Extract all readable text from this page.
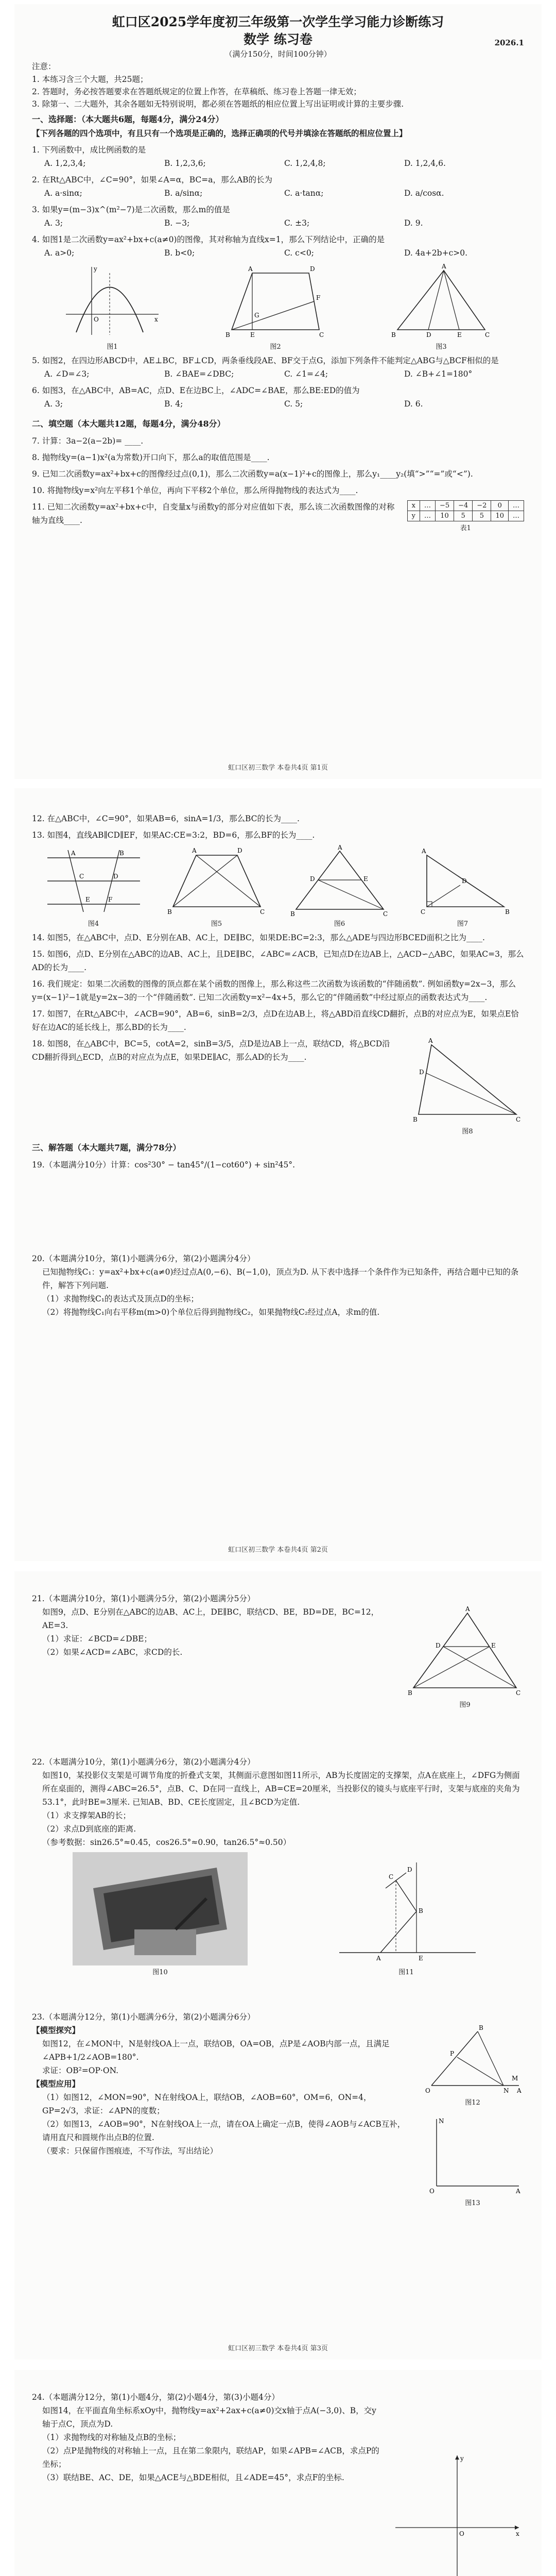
虹口区2025学年度初三年级第一次学生学习能力诊断练习
数学 练习卷	2026.1
（满分150分，时间100分钟）

注意：

1. 本练习含三个大题，共25题；

2. 答题时，务必按答题要求在答题纸规定的位置上作答，在草稿纸、练习卷上答题一律无效；

3. 除第一、二大题外，其余各题如无特别说明，都必须在答题纸的相应位置上写出证明或计算的主要步骤.

一、选择题：（本大题共6题，每题4分，满分24分）

【下列各题的四个选项中，有且只有一个选项是正确的，选择正确项的代号并填涂在答题纸的相应位置上】

1. 下列函数中，成比例函数的是

A. 1,2,3,4;	B. 1,2,3,6;	C. 1,2,4,8;	D. 1,2,4,6.

2. 在Rt△ABC中，∠C=90°，如果∠A=α，BC=a，那么AB的长为

A. a·sinα;	B. a/sinα;	C. a·tanα;	D. a/cosα.

3. 如果y=(m−3)x^(m²−7)是二次函数，那么m的值是

A. 3;	B. −3;	C. ±3;	D. 9.

4. 如图1是二次函数y=ax²+bx+c(a≠0)的图像，其对称轴为直线x=1，那么下列结论中，正确的是

A. a>0;	B. b<0;	C. c<0;	D. 4a+2b+c>0.
O	x
y
图1
A	D
B	C
E
F
G
图2
A
B	D	E	C
图3

5. 如图2，在四边形ABCD中，AE⊥BC，BF⊥CD，两条垂线段AE、BF交于点G，添加下列条件不能判定△ABG与△BCF相似的是

A. ∠D=∠3;	B. ∠BAE=∠DBC;	C. ∠1=∠4;	D. ∠B+∠1=180°

6. 如图3，在△ABC中，AB=AC，点D、E在边BC上，∠ADC=∠BAE，那么BE:ED的值为

A. 3;	B. 4;	C. 5;	D. 6.

二、填空题（本大题共12题，每题4分，满分48分）

7. 计算：3a−2(a−2b)= ____.

8. 抛物线y=(a−1)x²(a为常数)开口向下，那么a的取值范围是____.

9. 已知二次函数y=ax²+bx+c的图像经过点(0,1)，那么二次函数y=a(x−1)²+c的图像上，那么y₁____y₂(填“>”“=”或“<”).

10. 将抛物线y=x²向左平移1个单位，再向下平移2个单位，那么所得抛物线的表达式为____.

11. 已知二次函数y=ax²+bx+c中，自变量x与函数y的部分对应值如下表，那么该二次函数图像的对称轴为直线____.

x	…	−5	−4	−2	0	…
y	…	10	5	5	10	…
表1
虹口区初三数学 本卷共4页 第1页

12. 在△ABC中，∠C=90°，如果AB=6，sinA=1/3，那么BC的长为____.

13. 如图4，直线AB∥CD∥EF，如果AC:CE=3:2，BD=6，那么BF的长为____.

A	B
C	D
E	F
图4
A	D
B	C
图5
A
D	E
B	C
图6
A
C	B
D
图7

14. 如图5，在△ABC中，点D、E分别在AB、AC上，DE∥BC，如果DE:BC=2:3，那么△ADE与四边形BCED面积之比为____.

15. 如图6，点D、E分别在△ABC的边AB、AC上，且DE∥BC，∠ABC=∠ACB，已知点D在边AB上，△ACD∽△ABC，如果AC=3，那么AD的长为____.

16. 我们规定：如果二次函数的图像的顶点都在某个函数的图像上，那么称这些二次函数为该函数的“伴随函数”. 例如函数y=2x−3，那么y=(x−1)²−1就是y=2x−3的一个“伴随函数”. 已知二次函数y=x²−4x+5，那么它的“伴随函数”中经过原点的函数表达式为____.

17. 如图7，在Rt△ABC中，∠ACB=90°，AB=6，sinB=2/3，点D在边AB上，将△ABD沿直线CD翻折，点B的对应点为E，如果点E恰好在边AC的延长线上，那么BD的长为____.

18. 如图8，在△ABC中，BC=5，cotA=2，sinB=3/5，点D是边AB上一点，联结CD，将△BCD沿CD翻折得到△ECD，点B的对应点为点E，如果DE∥AC，那么AD的长为____.

A
B	C
D
图8

三、解答题（本大题共7题，满分78分）

19.（本题满分10分）计算：cos²30° − tan45°/(1−cot60°) + sin²45°.

20.（本题满分10分，第(1)小题满分6分，第(2)小题满分4分）

已知抛物线C₁：y=ax²+bx+c(a≠0)经过点A(0,−6)、B(−1,0)，顶点为D. 从下表中选择一个条件作为已知条件，再结合题中已知的条件，解答下列问题.

（1）求抛物线C₁的表达式及顶点D的坐标；

（2）将抛物线C₁向右平移m(m>0)个单位后得到抛物线C₂，如果抛物线C₂经过点A，求m的值.

虹口区初三数学 本卷共4页 第2页

21.（本题满分10分，第(1)小题满分5分，第(2)小题满分5分）

如图9，点D、E分别在△ABC的边AB、AC上，DE∥BC，联结CD、BE，BD=DE，BC=12，AE=3.

（1）求证：∠BCD=∠DBE；

（2）如果∠ACD=∠ABC，求CD的长.

A
D	E
B	C
图9

22.（本题满分10分，第(1)小题满分6分，第(2)小题满分4分）

如图10，某投影仪支架是可调节角度的折叠式支架，其侧面示意图如图11所示，AB为长度固定的支撑架，点A在底座上，∠DFG为侧面所在桌面的，测得∠ABC=26.5°，点B、C、D在同一直线上，AB=CE=20厘米，当投影仪的镜头与底座平行时，支架与底座的夹角为53.1°，此时BE=3厘米. 已知AB、BD、CE长度固定，且∠BCD为定值.

（1）求支撑架AB的长；

（2）求点D到底座的距离.

（参考数据：sin26.5°≈0.45，cos26.5°≈0.90，tan26.5°≈0.50）

图10
A
B
C
D
E
图11

23.（本题满分12分，第(1)小题满分6分，第(2)小题满分6分）

【模型探究】

如图12，在∠MON中，N是射线OA上一点，联结OB，OA=OB，点P是∠AOB内部一点，且满足∠APB+1/2∠AOB=180°.

求证：OB²=OP·ON.

【模型应用】

（1）如图12，∠MON=90°，N在射线OA上，联结OB，∠AOB=60°，OM=6，ON=4，GP=2√3，求证：∠APN的度数；

（2）如图13，∠AOB=90°，N在射线OA上一点，请在OA上确定一点B，使得∠AOB与∠ACB互补，请用直尺和圆规作出点B的位置.

（要求：只保留作图痕迹，不写作法，写出结论）

O
B
N A
P
M
图12
O	A
N
图13
虹口区初三数学 本卷共4页 第3页

24.（本题满分12分，第(1)小题4分，第(2)小题4分，第(3)小题4分）

如图14，在平面直角坐标系xOy中，抛物线y=ax²+2ax+c(a≠0)交x轴于点A(−3,0)、B，交y轴于点C，顶点为D.

（1）求抛物线的对称轴及点B的坐标；

（2）点P是抛物线的对称轴上一点，且在第二象限内，联结AP，如果∠APB=∠ACB，求点P的坐标；

（3）联结BE、AC、DE，如果△ACE与△BDE相似，且∠ADE=45°，求点F的坐标.

O	x
y
